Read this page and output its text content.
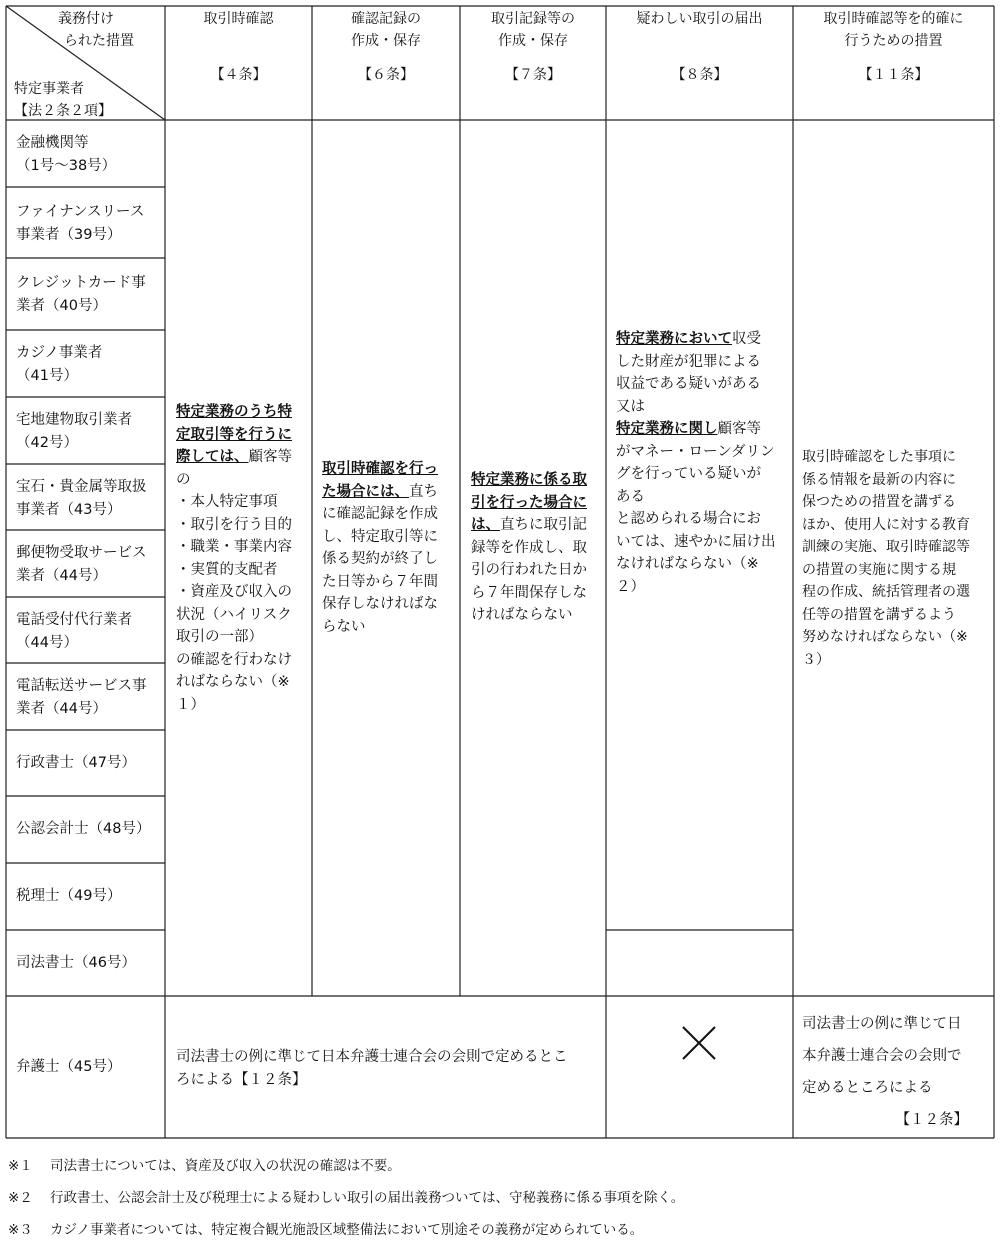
義務付け
られた措置
特定事業者
【法２条２項】
取引時確認
【４条】
確認記録の
作成・保存
【６条】
取引記録等の
作成・保存
【７条】
疑わしい取引の届出
【８条】
取引時確認等を的確に
行うための措置
【１１条】
金融機関等
（1号～38号）
ファイナンスリース
事業者（39号）
クレジットカード事
業者（40号）
カジノ事業者
（41号）
宅地建物取引業者
（42号）
宝石・貴金属等取扱
事業者（43号）
郵便物受取サービス
業者（44号）
電話受付代行業者
（44号）
電話転送サービス事
業者（44号）
行政書士（47号）
公認会計士（48号）
税理士（49号）
司法書士（46号）
弁護士（45号）
特定業務のうち特
定取引等を行うに
際しては、顧客等
の
・本人特定事項
・取引を行う目的
・職業・事業内容
・実質的支配者
・資産及び収入の
状況（ハイリスク
取引の一部）
の確認を行わなけ
ればならない（※
１）
取引時確認を行っ
た場合には、直ち
に確認記録を作成
し、特定取引等に
係る契約が終了し
た日等から７年間
保存しなければな
らない
特定業務に係る取
引を行った場合に
は、直ちに取引記
録等を作成し、取
引の行われた日か
ら７年間保存しな
ければならない
特定業務において収受
した財産が犯罪による
収益である疑いがある
又は
特定業務に関し顧客等
がマネー・ローンダリン
グを行っている疑いが
ある
と認められる場合にお
いては、速やかに届け出
なければならない（※
２）
取引時確認をした事項に
係る情報を最新の内容に
保つための措置を講ずる
ほか、使用人に対する教育
訓練の実施、取引時確認等
の措置の実施に関する規
程の作成、統括管理者の選
任等の措置を講ずるよう
努めなければならない（※
３）
司法書士の例に準じて日本弁護士連合会の会則で定めるとこ
ろによる【１２条】
司法書士の例に準じて日
本弁護士連合会の会則で
定めるところによる
【１２条】
※１ 司法書士については、資産及び収入の状況の確認は不要。
※２ 行政書士、公認会計士及び税理士による疑わしい取引の届出義務ついては、守秘義務に係る事項を除く。
※３ カジノ事業者については、特定複合観光施設区域整備法において別途その義務が定められている。
